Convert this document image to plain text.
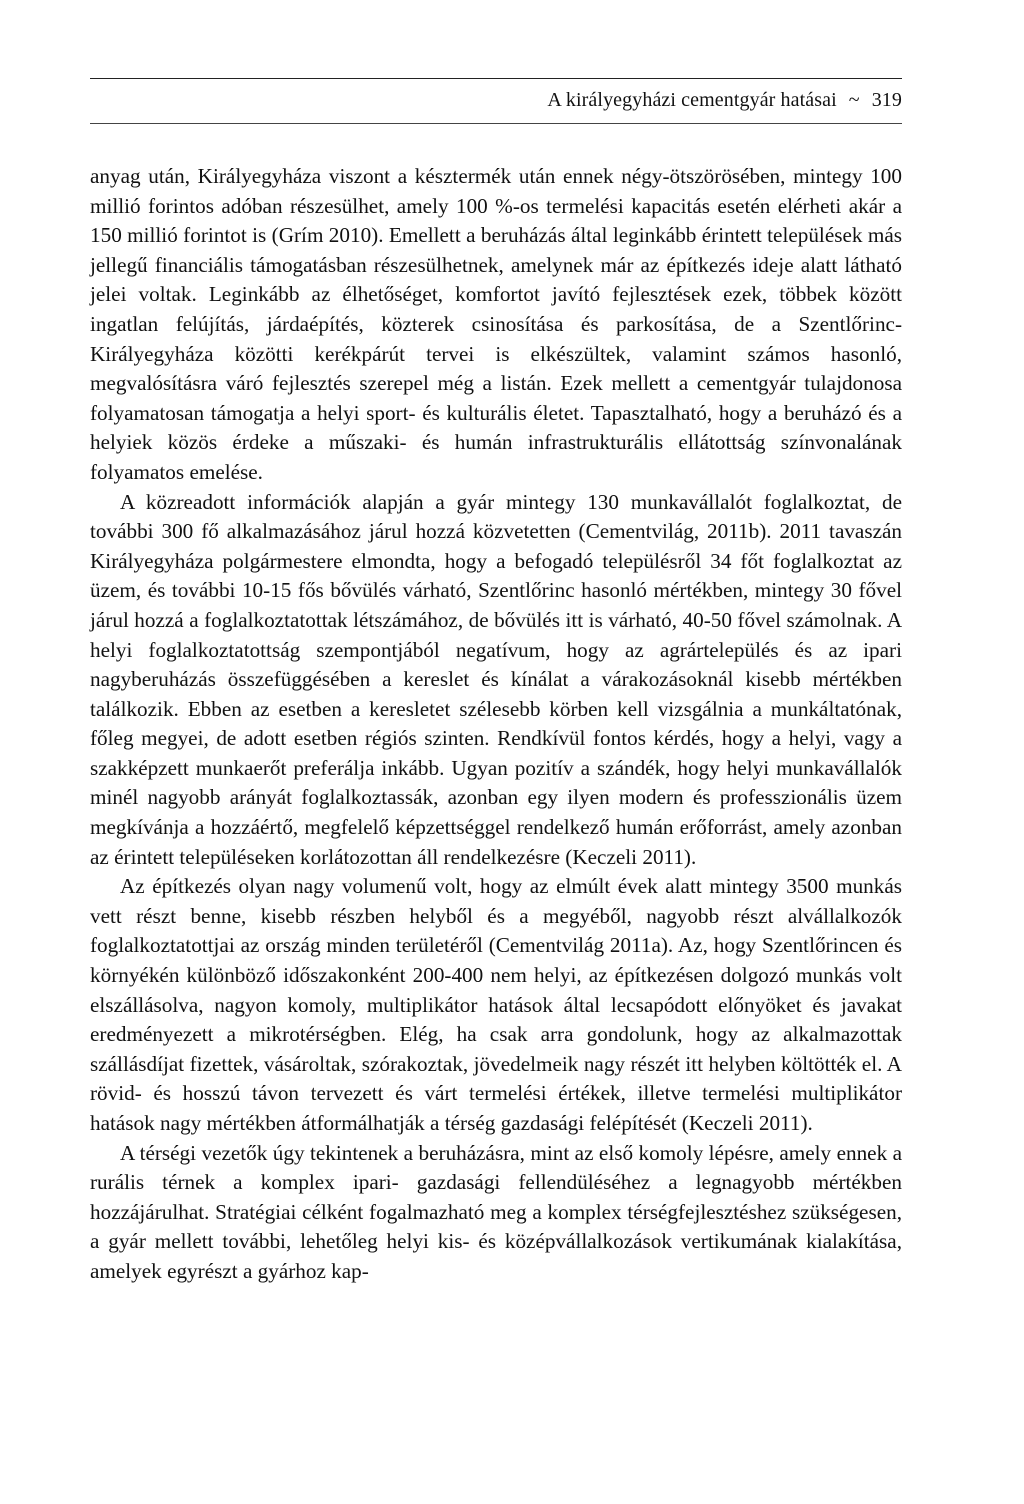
A királyegyházi cementgyár hatásai ~ 319

anyag után, Királyegyháza viszont a késztermék után ennek négy-ötszörösében, mintegy 100 millió forintos adóban részesülhet, amely 100 %-os termelési kapacitás esetén elérheti akár a 150 millió forintot is (Grím 2010). Emellett a beruházás által leginkább érintett települések más jellegű financiális támogatásban részesülhetnek, amelynek már az építkezés ideje alatt látható jelei voltak. Leginkább az élhetőséget, komfortot javító fejlesztések ezek, többek között ingatlan felújítás, járdaépítés, közterek csinosítása és parkosítása, de a Szentlőrinc- Királyegyháza közötti kerékpárút tervei is elkészültek, valamint számos hasonló, megvalósításra váró fejlesztés szerepel még a listán. Ezek mellett a cementgyár tulajdonosa folyamatosan támogatja a helyi sport- és kulturális életet. Tapasztalható, hogy a beruházó és a helyiek közös érdeke a műszaki- és humán infrastrukturális ellátottság színvonalának folyamatos emelése.

A közreadott információk alapján a gyár mintegy 130 munkavállalót foglalkoztat, de további 300 fő alkalmazásához járul hozzá közvetetten (Cementvilág, 2011b). 2011 tavaszán Királyegyháza polgármestere elmondta, hogy a befogadó településről 34 főt foglalkoztat az üzem, és további 10-15 fős bővülés várható, Szentlőrinc hasonló mértékben, mintegy 30 fővel járul hozzá a foglalkoztatottak létszámához, de bővülés itt is várható, 40-50 fővel számolnak. A helyi foglalkoztatottság szempontjából negatívum, hogy az agrártelepülés és az ipari nagyberuházás összefüggésében a kereslet és kínálat a várakozásoknál kisebb mértékben találkozik. Ebben az esetben a keresletet szélesebb körben kell vizsgálnia a munkáltatónak, főleg megyei, de adott esetben régiós szinten. Rendkívül fontos kérdés, hogy a helyi, vagy a szakképzett munkaerőt preferálja inkább. Ugyan pozitív a szándék, hogy helyi munkavállalók minél nagyobb arányát foglalkoztassák, azonban egy ilyen modern és professzionális üzem megkívánja a hozzáértő, megfelelő képzettséggel rendelkező humán erőforrást, amely azonban az érintett településeken korlátozottan áll rendelkezésre (Keczeli 2011).

Az építkezés olyan nagy volumenű volt, hogy az elmúlt évek alatt mintegy 3500 munkás vett részt benne, kisebb részben helyből és a megyéből, nagyobb részt alvállalkozók foglalkoztatottjai az ország minden területéről (Cementvilág 2011a). Az, hogy Szentlőrincen és környékén különböző időszakonként 200-400 nem helyi, az építkezésen dolgozó munkás volt elszállásolva, nagyon komoly, multiplikátor hatások által lecsapódott előnyöket és javakat eredményezett a mikrotérségben. Elég, ha csak arra gondolunk, hogy az alkalmazottak szállásdíjat fizettek, vásároltak, szórakoztak, jövedelmeik nagy részét itt helyben költötték el. A rövid- és hosszú távon tervezett és várt termelési értékek, illetve termelési multiplikátor hatások nagy mértékben átformálhatják a térség gazdasági felépítését (Keczeli 2011).

A térségi vezetők úgy tekintenek a beruházásra, mint az első komoly lépésre, amely ennek a rurális térnek a komplex ipari- gazdasági fellendüléséhez a legnagyobb mértékben hozzájárulhat. Stratégiai célként fogalmazható meg a komplex térségfejlesztéshez szükségesen, a gyár mellett további, lehetőleg helyi kis- és középvállalkozások vertikumának kialakítása, amelyek egyrészt a gyárhoz kap-
